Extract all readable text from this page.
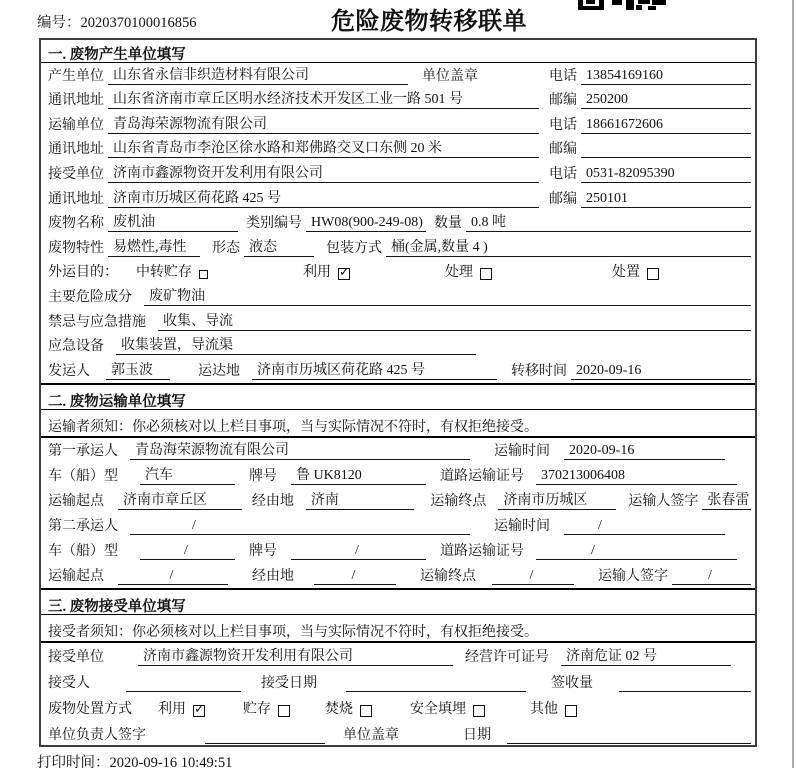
编号：2020370100016856	危险废物转移联单
一. 废物产生单位填写
产生单位 山东省永信非织造材料有限公司	单位盖章	电话 13854169160
通讯地址 山东省济南市章丘区明水经济技术开发区工业一路 501 号	邮编 250200
运输单位 青岛海荣源物流有限公司	电话 18661672606
通讯地址 山东省青岛市李沧区徐水路和郑佛路交叉口东侧 20 米	邮编
接受单位 济南市鑫源物资开发利用有限公司	电话 0531-82095390
通讯地址 济南市历城区荷花路 425 号	邮编 250101
废物名称 废机油	类别编号 HW08(900-249-08) 数量 0.8 吨
废物特性 易燃性,毒性	形态 液态	包装方式 桶(金属,数量 4 )
外运目的： 中转贮存	利用 ✓	处理	处置
主要危险成分	废矿物油
禁忌与应急措施	收集、导流
应急设备	收集装置，导流渠
发运人	郭玉波	运达地	济南市历城区荷花路 425 号	转移时间 2020-09-16
二. 废物运输单位填写
运输者须知：你必须核对以上栏目事项，当与实际情况不符时，有权拒绝接受。
第一承运人	青岛海荣源物流有限公司	运输时间	2020-09-16
车（船）型	汽车	牌号	鲁 UK8120	道路运输证号	370213006408
运输起点	济南市章丘区	经由地	济南	运输终点	济南市历城区	运输人签字 张春雷
第二承运人	/	运输时间	/
车（船）型	/	牌号	/	道路运输证号	/
运输起点	/	经由地	/	运输终点	/	运输人签字	/
三. 废物接受单位填写
接受者须知：你必须核对以上栏目事项，当与实际情况不符时，有权拒绝接受。
接受单位	济南市鑫源物资开发利用有限公司	经营许可证号	济南危证 02 号
接受人	接受日期	签收量
废物处置方式 利用 ✓	贮存	焚烧	安全填埋	其他
单位负责人签字	单位盖章	日期
打印时间：2020-09-16 10:49:51
